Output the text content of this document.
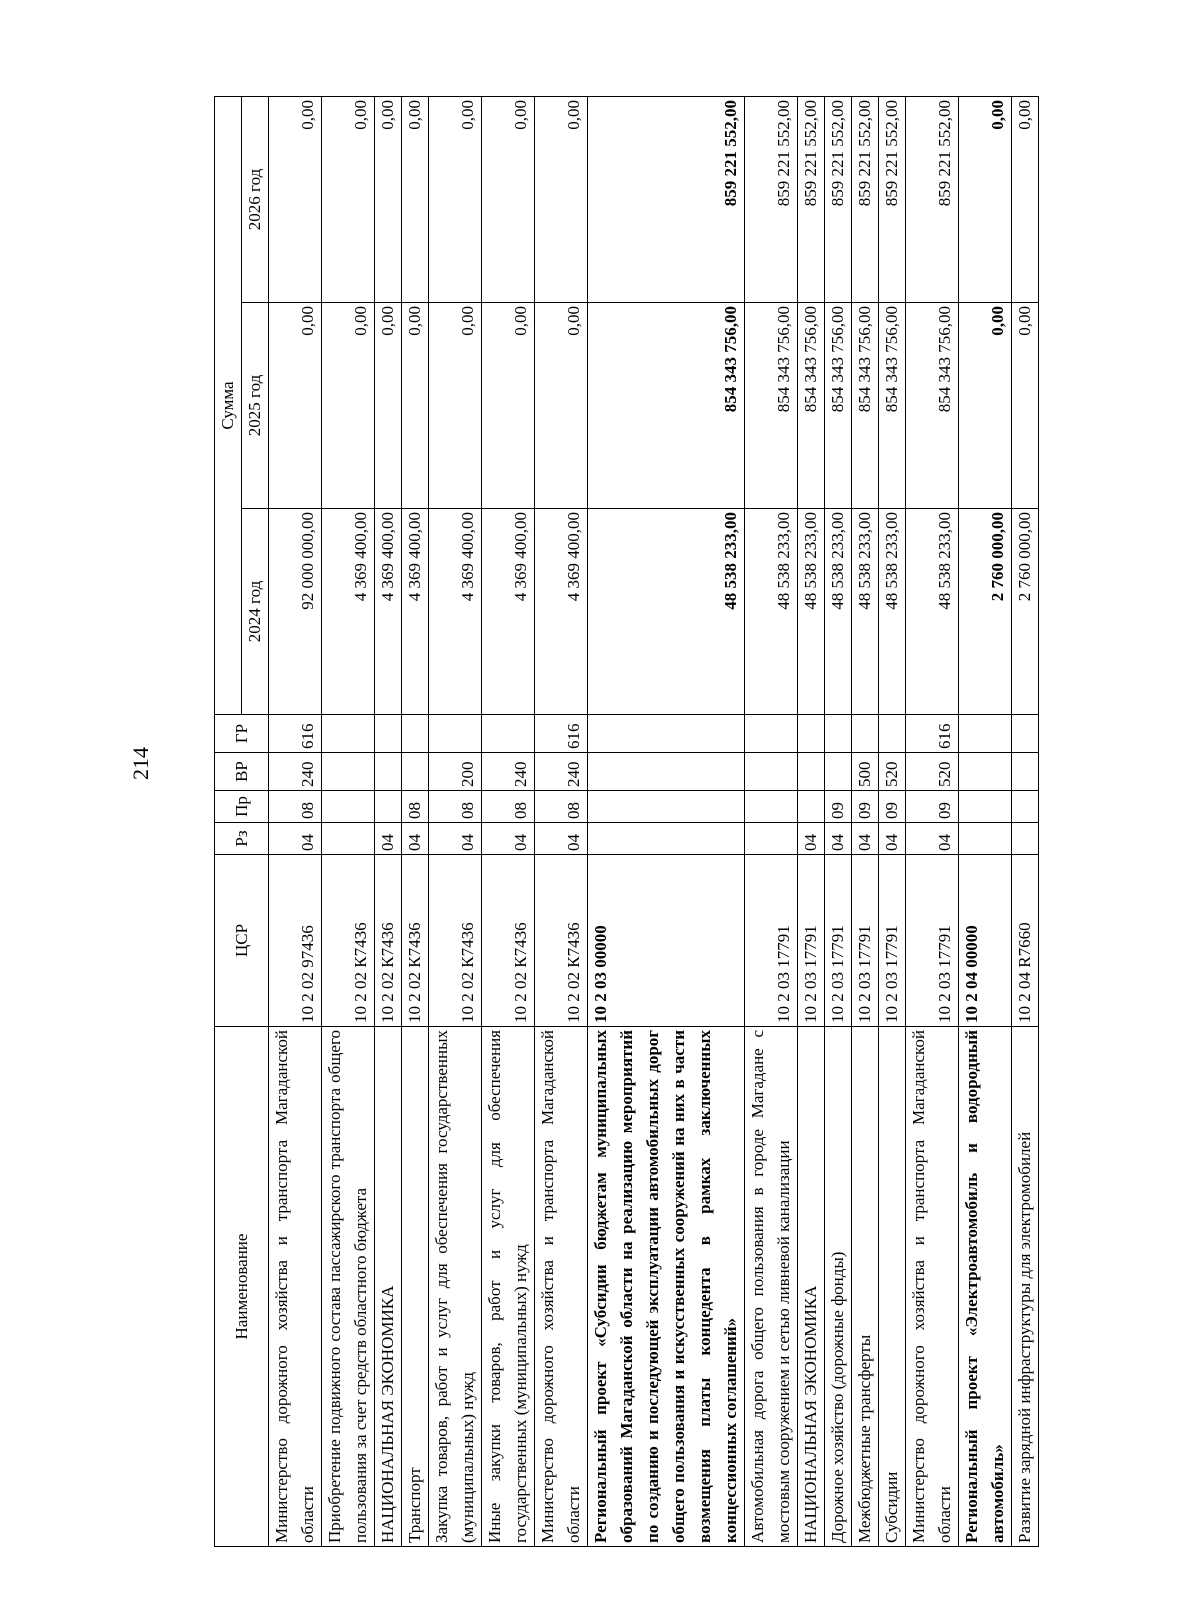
214
Наименование	ЦСР	Рз	Пр	ВР	ГР	Сумма		
						2024 год	2025 год	2026 год
Министерство дорожного хозяйства и транспорта Магаданской области	10 2 02 97436	04	08	240	616	92 000 000,00	0,00	0,00
Приобретение подвижного состава пассажирского транспорта общего пользования за счет средств областного бюджета	10 2 02 К7436					4 369 400,00	0,00	0,00
НАЦИОНАЛЬНАЯ ЭКОНОМИКА	10 2 02 К7436	04				4 369 400,00	0,00	0,00
Транспорт	10 2 02 К7436	04	08			4 369 400,00	0,00	0,00
Закупка товаров, работ и услуг для обеспечения государственных (муниципальных) нужд	10 2 02 К7436	04	08	200		4 369 400,00	0,00	0,00
Иные закупки товаров, работ и услуг для обеспечения государственных (муниципальных) нужд	10 2 02 К7436	04	08	240		4 369 400,00	0,00	0,00
Министерство дорожного хозяйства и транспорта Магаданской области	10 2 02 К7436	04	08	240	616	4 369 400,00	0,00	0,00
Региональный проект «Субсидии бюджетам муниципальных образований Магаданской области на реализацию мероприятий по созданию и последующей эксплуатации автомобильных дорог общего пользования и искусственных сооружений на них в части возмещения платы концедента в рамках заключенных концессионных соглашений»	10 2 03 00000					48 538 233,00	854 343 756,00	859 221 552,00
Автомобильная дорога общего пользования в городе Магадане с мостовым сооружением и сетью ливневой канализации	10 2 03 17791					48 538 233,00	854 343 756,00	859 221 552,00
НАЦИОНАЛЬНАЯ ЭКОНОМИКА	10 2 03 17791	04				48 538 233,00	854 343 756,00	859 221 552,00
Дорожное хозяйство (дорожные фонды)	10 2 03 17791	04	09			48 538 233,00	854 343 756,00	859 221 552,00
Межбюджетные трансферты	10 2 03 17791	04	09	500		48 538 233,00	854 343 756,00	859 221 552,00
Субсидии	10 2 03 17791	04	09	520		48 538 233,00	854 343 756,00	859 221 552,00
Министерство дорожного хозяйства и транспорта Магаданской области	10 2 03 17791	04	09	520	616	48 538 233,00	854 343 756,00	859 221 552,00
Региональный проект «Электроавтомобиль и водородный автомобиль»	10 2 04 00000					2 760 000,00	0,00	0,00
Развитие зарядной инфраструктуры для электромобилей	10 2 04 R7660					2 760 000,00	0,00	0,00
